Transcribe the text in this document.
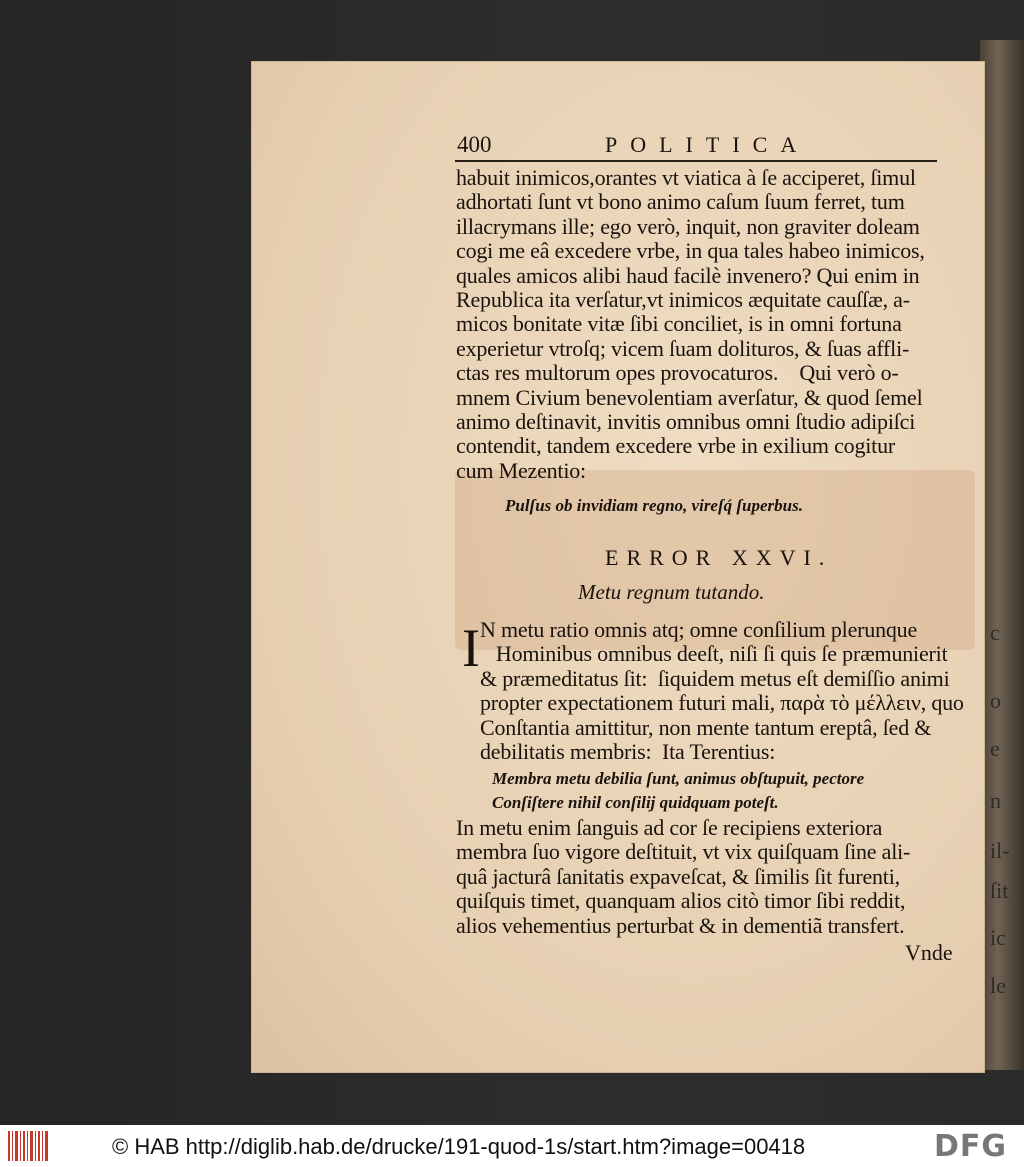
c
o
e
n
il-
ſit
ic
le
400	POLITICA
habuit inimicos,orantes vt viatica à ſe acciperet, ſimul
adhortati ſunt vt bono animo caſum ſuum ferret, tum
illacrymans ille; ego verò, inquit, non graviter doleam
cogi me eâ excedere vrbe, in qua tales habeo inimicos,
quales amicos alibi haud facilè invenero? Qui enim in
Republica ita verſatur,vt inimicos æquitate cauſſæ, a-
micos bonitate vitæ ſibi conciliet, is in omni fortuna
experietur vtroſq; vicem ſuam dolituros, & ſuas affli-
ctas res multorum opes provocaturos.    Qui verò o-
mnem Civium benevolentiam averſatur, & quod ſemel
animo deſtinavit, invitis omnibus omni ſtudio adipiſci
contendit, tandem excedere vrbe in exilium cogitur
cum Mezentio:
Pulſus ob invidiam regno, vireſq́ ſuperbus.
ERROR XXVI.
Metu regnum tutando.
I N metu ratio omnis atq; omne conſilium plerunque
Hominibus omnibus deeſt, niſi ſi quis ſe præmunierit
& præmeditatus ſit:  ſiquidem metus eſt demiſſio animi
propter expectationem futuri mali, παρὰ τὸ μέλλειν, quo
Conſtantia amittitur, non mente tantum ereptâ, ſed &
debilitatis membris:  Ita Terentius:
Membra metu debilia ſunt, animus obſtupuit, pectore
Conſiſtere nihil conſilij quidquam poteſt.
In metu enim ſanguis ad cor ſe recipiens exteriora
membra ſuo vigore deſtituit, vt vix quiſquam ſine ali-
quâ jacturâ ſanitatis expaveſcat, & ſimilis ſit furenti,
quiſquis timet, quanquam alios citò timor ſibi reddit,
alios vehementius perturbat & in dementiã transfert.
Vnde
© HAB http://diglib.hab.de/drucke/191-quod-1s/start.htm?image=00418	DFG
